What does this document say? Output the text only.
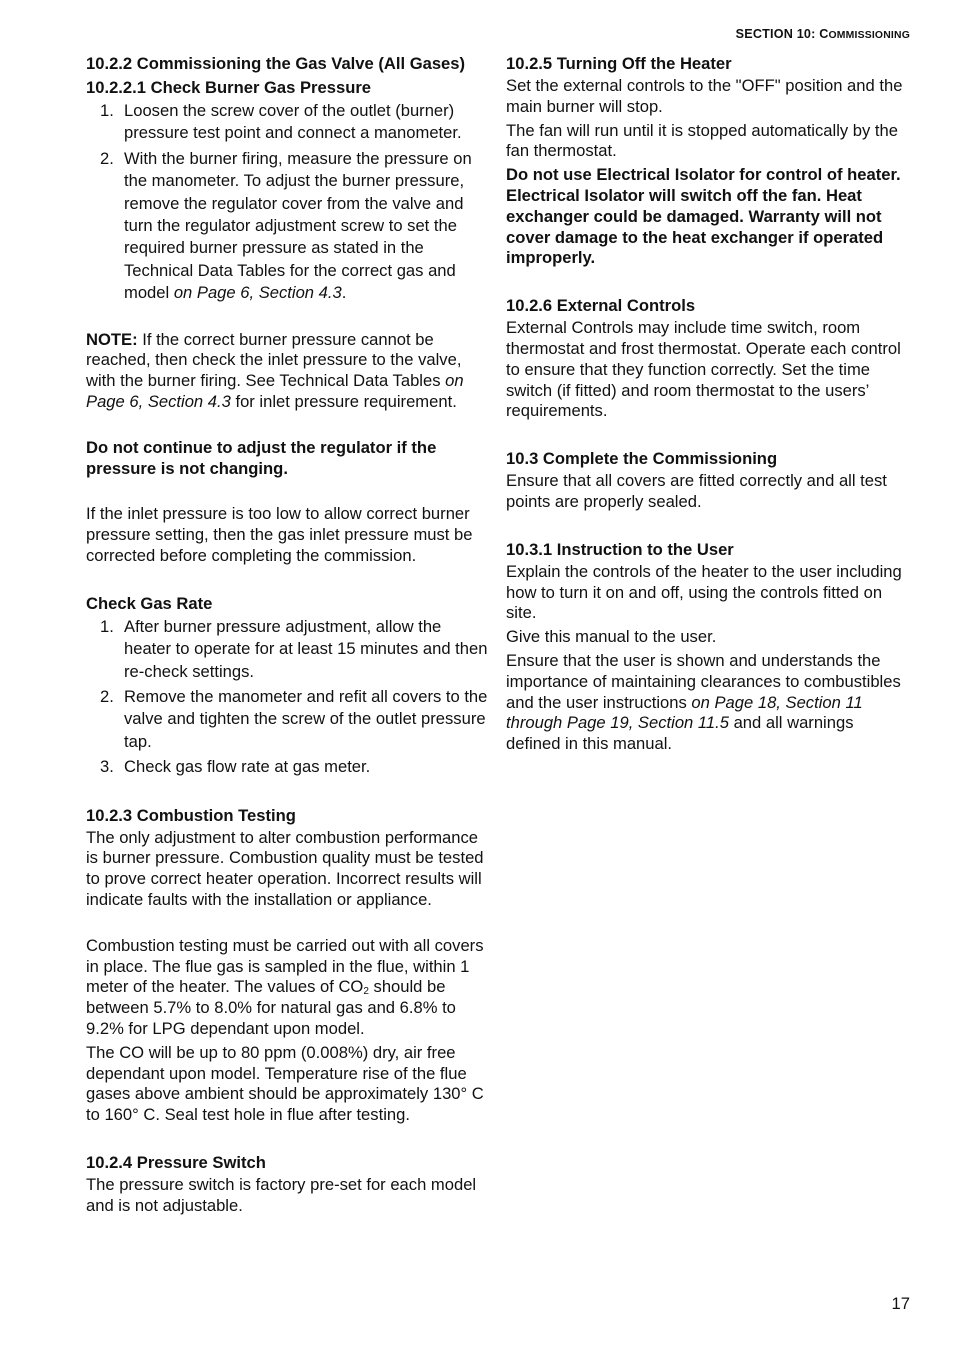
SECTION 10: COMMISSIONING
10.2.2 Commissioning the Gas Valve (All Gases)
10.2.2.1 Check Burner Gas Pressure
1. Loosen the screw cover of the outlet (burner) pressure test point and connect a manometer.
2. With the burner firing, measure the pressure on the manometer. To adjust the burner pressure, remove the regulator cover from the valve and turn the regulator adjustment screw to set the required burner pressure as stated in the Technical Data Tables for the correct gas and model on Page 6, Section 4.3.

NOTE: If the correct burner pressure cannot be reached, then check the inlet pressure to the valve, with the burner firing. See Technical Data Tables on Page 6, Section 4.3 for inlet pressure requirement.

Do not continue to adjust the regulator if the pressure is not changing.

If the inlet pressure is too low to allow correct burner pressure setting, then the gas inlet pressure must be corrected before completing the commission.

Check Gas Rate
1. After burner pressure adjustment, allow the heater to operate for at least 15 minutes and then re-check settings.
2. Remove the manometer and refit all covers to the valve and tighten the screw of the outlet pressure tap.
3. Check gas flow rate at gas meter.
10.2.3 Combustion Testing

The only adjustment to alter combustion performance is burner pressure. Combustion quality must be tested to prove correct heater operation. Incorrect results will indicate faults with the installation or appliance.

Combustion testing must be carried out with all covers in place. The flue gas is sampled in the flue, within 1 meter of the heater. The values of $CO_2$ should be between 5.7% to 8.0% for natural gas and 6.8% to 9.2% for LPG dependant upon model.

The CO will be up to 80 ppm (0.008%) dry, air free dependant upon model. Temperature rise of the flue gases above ambient should be approximately 130° C to 160° C. Seal test hole in flue after testing.

10.2.4 Pressure Switch

The pressure switch is factory pre-set for each model and is not adjustable.

10.2.5 Turning Off the Heater

Set the external controls to the "OFF" position and the main burner will stop.

The fan will run until it is stopped automatically by the fan thermostat.

Do not use Electrical Isolator for control of heater. Electrical Isolator will switch off the fan. Heat exchanger could be damaged. Warranty will not cover damage to the heat exchanger if operated improperly.

10.2.6 External Controls

External Controls may include time switch, room thermostat and frost thermostat. Operate each control to ensure that they function correctly. Set the time switch (if fitted) and room thermostat to the users’ requirements.

10.3 Complete the Commissioning

Ensure that all covers are fitted correctly and all test points are properly sealed.

10.3.1 Instruction to the User

Explain the controls of the heater to the user including how to turn it on and off, using the controls fitted on site.

Give this manual to the user.

Ensure that the user is shown and understands the importance of maintaining clearances to combustibles and the user instructions on Page 18, Section 11 through Page 19, Section 11.5 and all warnings defined in this manual.

17
